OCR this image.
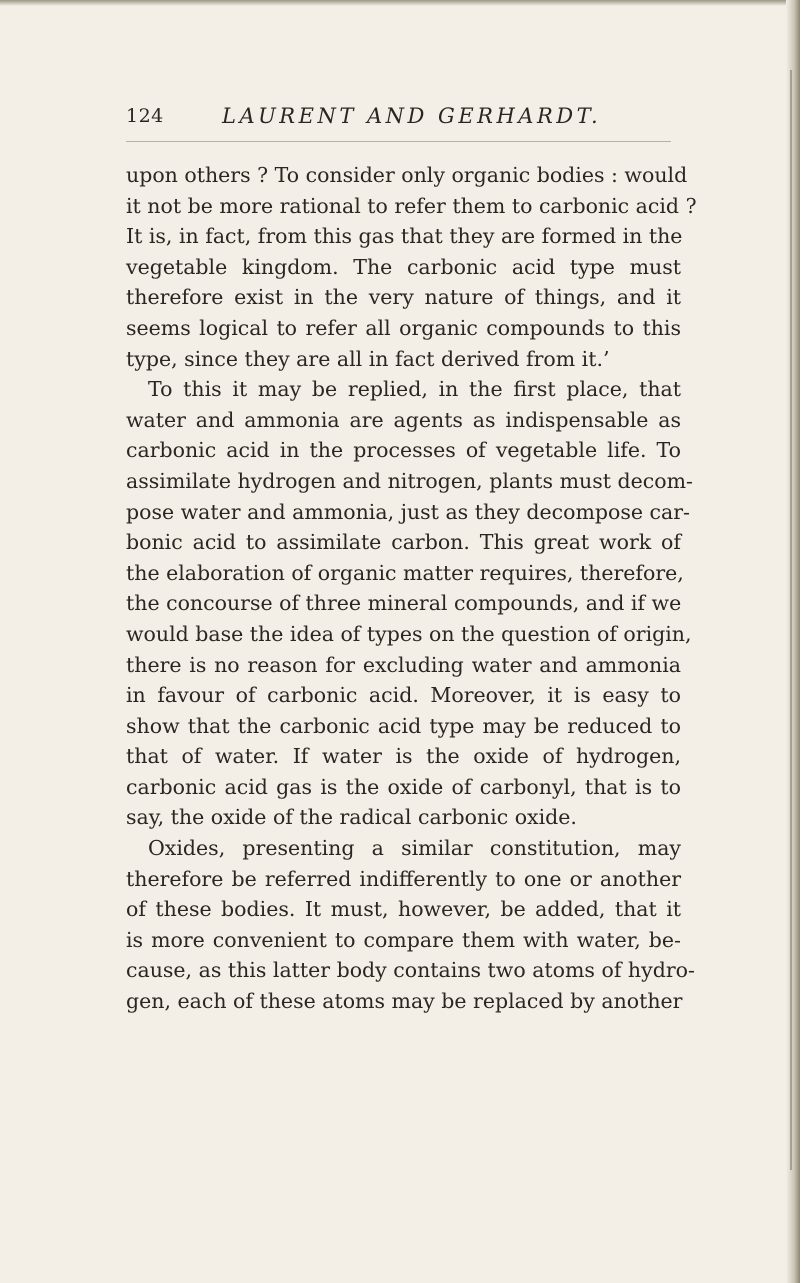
124	LAURENT AND GERHARDT.
upon others ? To consider only organic bodies : would
it not be more rational to refer them to carbonic acid ?
It is, in fact, from this gas that they are formed in the
vegetable kingdom. The carbonic acid type must
therefore exist in the very nature of things, and it
seems logical to refer all organic compounds to this
type, since they are all in fact derived from it.’
To this it may be replied, in the first place, that
water and ammonia are agents as indispensable as
carbonic acid in the processes of vegetable life. To
assimilate hydrogen and nitrogen, plants must decom-
pose water and ammonia, just as they decompose car-
bonic acid to assimilate carbon. This great work of
the elaboration of organic matter requires, therefore,
the concourse of three mineral compounds, and if we
would base the idea of types on the question of origin,
there is no reason for excluding water and ammonia
in favour of carbonic acid. Moreover, it is easy to
show that the carbonic acid type may be reduced to
that of water. If water is the oxide of hydrogen,
carbonic acid gas is the oxide of carbonyl, that is to
say, the oxide of the radical carbonic oxide.
Oxides, presenting a similar constitution, may
therefore be referred indifferently to one or another
of these bodies. It must, however, be added, that it
is more convenient to compare them with water, be-
cause, as this latter body contains two atoms of hydro-
gen, each of these atoms may be replaced by another
